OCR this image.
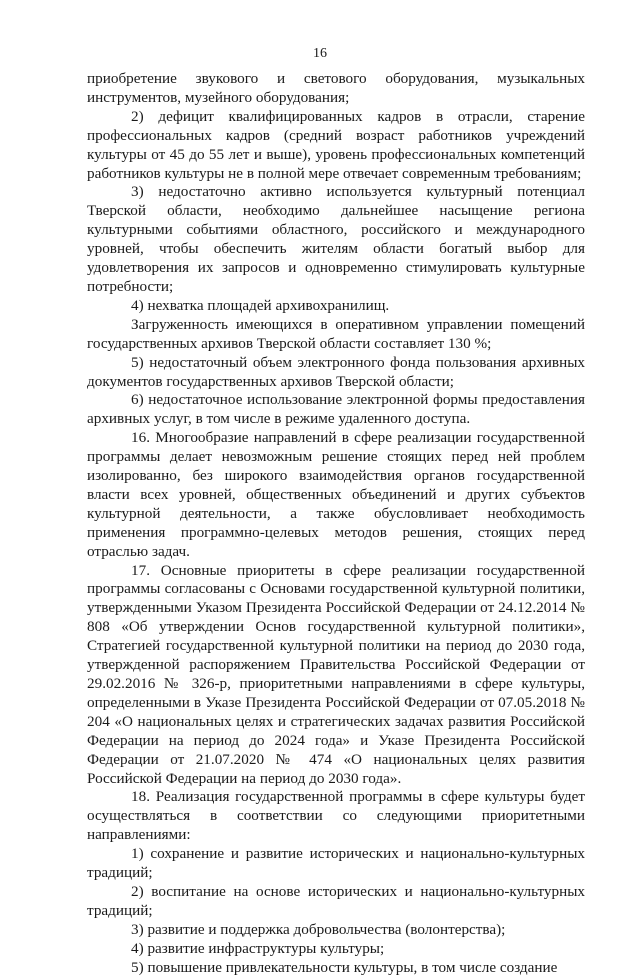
16

приобретение звукового и светового оборудования, музыкальных инструментов, музейного оборудования;

2) дефицит квалифицированных кадров в отрасли, старение профессиональных кадров (средний возраст работников учреждений культуры от 45 до 55 лет и выше), уровень профессиональных компетенций работников культуры не в полной мере отвечает современным требованиям;

3) недостаточно активно используется культурный потенциал Тверской области, необходимо дальнейшее насыщение региона культурными событиями областного, российского и международного уровней, чтобы обеспечить жителям области богатый выбор для удовлетворения их запросов и одновременно стимулировать культурные потребности;

4) нехватка площадей архивохранилищ.

Загруженность имеющихся в оперативном управлении помещений государственных архивов Тверской области составляет 130 %;

5) недостаточный объем электронного фонда пользования архивных документов государственных архивов Тверской области;

6) недостаточное использование электронной формы предоставления архивных услуг, в том числе в режиме удаленного доступа.

16. Многообразие направлений в сфере реализации государственной программы делает невозможным решение стоящих перед ней проблем изолированно, без широкого взаимодействия органов государственной власти всех уровней, общественных объединений и других субъектов культурной деятельности, а также обусловливает необходимость применения программно-целевых методов решения, стоящих перед отраслью задач.

17. Основные приоритеты в сфере реализации государственной программы согласованы с Основами государственной культурной политики, утвержденными Указом Президента Российской Федерации от 24.12.2014 № 808 «Об утверждении Основ государственной культурной политики», Стратегией государственной культурной политики на период до 2030 года, утвержденной распоряжением Правительства Российской Федерации от 29.02.2016 № 326-р, приоритетными направлениями в сфере культуры, определенными в Указе Президента Российской Федерации от 07.05.2018 № 204 «О национальных целях и стратегических задачах развития Российской Федерации на период до 2024 года» и Указе Президента Российской Федерации от 21.07.2020 № 474 «О национальных целях развития Российской Федерации на период до 2030 года».

18. Реализация государственной программы в сфере культуры будет осуществляться в соответствии со следующими приоритетными направлениями:

1) сохранение и развитие исторических и национально-культурных традиций;

2) воспитание на основе исторических и национально-культурных традиций;

3) развитие и поддержка добровольчества (волонтерства);

4) развитие инфраструктуры культуры;

5) повышение привлекательности культуры, в том числе создание
